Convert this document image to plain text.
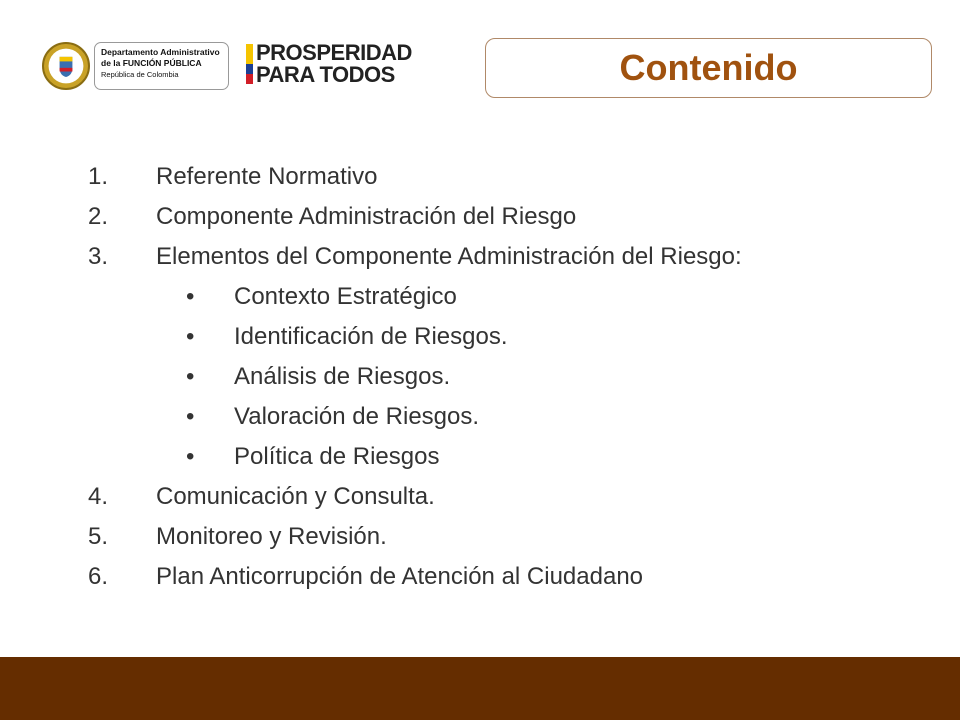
Departamento Administrativo
de la FUNCIÓN PÚBLICA
República de Colombia
PROSPERIDAD
PARA TODOS	Contenido
1.	Referente Normativo
2.	Componente Administración del Riesgo
3.	Elementos del Componente Administración del Riesgo:
•	Contexto Estratégico
•	Identificación de Riesgos.
•	Análisis de Riesgos.
•	Valoración de Riesgos.
•	Política de Riesgos
4.	Comunicación y Consulta.
5.	Monitoreo y Revisión.
6.	Plan Anticorrupción de Atención al Ciudadano
